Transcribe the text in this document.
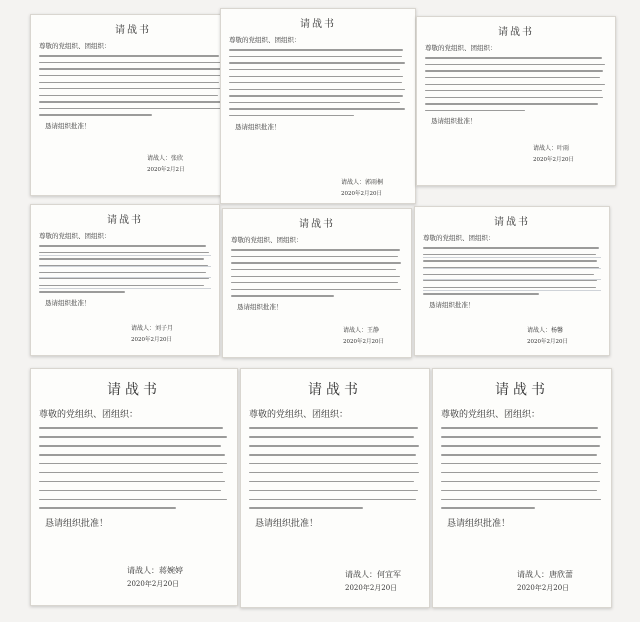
请战书
尊敬的党组织、团组织：
恳请组织批准！
请战人：张欣
2020年2月2日
请战书
尊敬的党组织、团组织：
恳请组织批准！
请战人：郭雨桐
2020年2月20日
请战书
尊敬的党组织、团组织：
恳请组织批准！
请战人：叶雨
2020年2月20日
请战书
尊敬的党组织、团组织：
恳请组织批准！
请战人：刘子月
2020年2月20日
请战书
尊敬的党组织、团组织：
恳请组织批准！
请战人：王静
2020年2月20日
请战书
尊敬的党组织、团组织：
恳请组织批准！
请战人：杨馨
2020年2月20日
请战书
尊敬的党组织、团组织：
恳请组织批准！
请战人：蒋婉婷
2020年2月20日
请战书
尊敬的党组织、团组织：
恳请组织批准！
请战人：何宜军
2020年2月20日
请战书
尊敬的党组织、团组织：
恳请组织批准！
请战人：唐欣蕾
2020年2月20日
